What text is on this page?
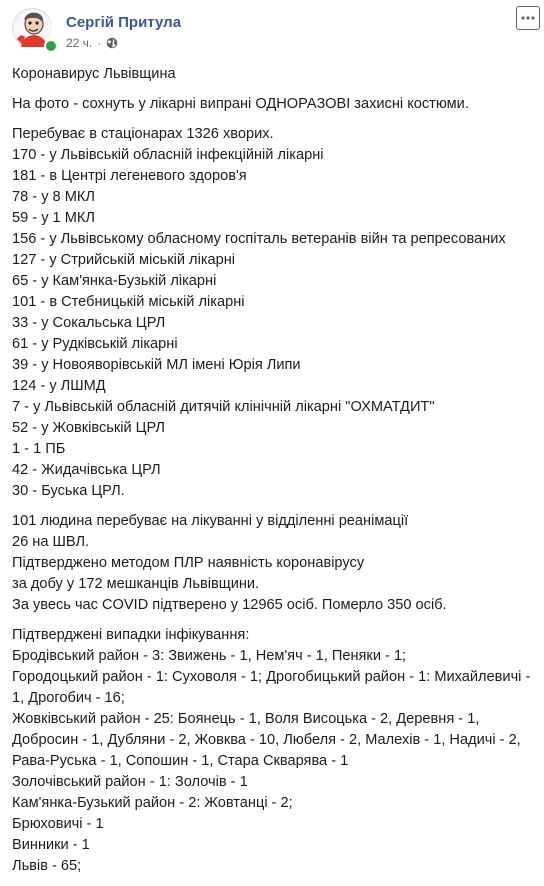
Сергій Притула
22 ч. ·

Коронавирус Львівщина

На фото - сохнуть у лікарні випрані ОДНОРАЗОВІ захисні костюми.

Перебуває в стаціонарах 1326 хворих.
170 - у Львівській обласній інфекційній лікарні
181 - в Центрі легеневого здоров'я
78 - у 8 МКЛ
59 - у 1 МКЛ
156 - у Львівському обласному госпіталь ветеранів війн та репресованих
127 - у Стрийській міській лікарні
65 - у Кам'янка-Бузькій лікарні
101 - в Стебницькій міській лікарні
33 - у Сокальська ЦРЛ
61 - у Рудківській лікарні
39 - у Новояворівській МЛ імені Юрія Липи
124 - у ЛШМД
7 - у Львівській обласній дитячій клінічній лікарні "ОХМАТДИТ"
52 - у Жовківській ЦРЛ
1 - 1 ПБ
42 - Жидачівська ЦРЛ
30 - Буська ЦРЛ.

101 людина перебуває на лікуванні у відділенні реанімації
26 на ШВЛ.
Підтверджено методом ПЛР наявність коронавірусу
за добу у 172 мешканців Львівщини.
За увесь час COVID підтверено у 12965 осіб. Померло 350 осіб.

Підтверджені випадки інфікування:
Бродівський район - 3: Звижень - 1, Нем'яч - 1, Пеняки - 1;
Городоцький район - 1: Суховоля - 1; Дрогобицький район - 1: Михайлевичі - 1, Дрогобич - 16;
Жовківський район - 25: Боянець - 1, Воля Висоцька - 2, Деревня - 1, Добросин - 1, Дубляни - 2, Жовква - 10, Любеля - 2, Малехів - 1, Надичі - 2, Рава-Руська - 1, Сопошин - 1, Стара Скварява - 1
Золочівський район - 1: Золочів - 1
Кам'янка-Бузький район - 2: Жовтанці - 2;
Брюховичі - 1
Винники - 1
Львів - 65;
